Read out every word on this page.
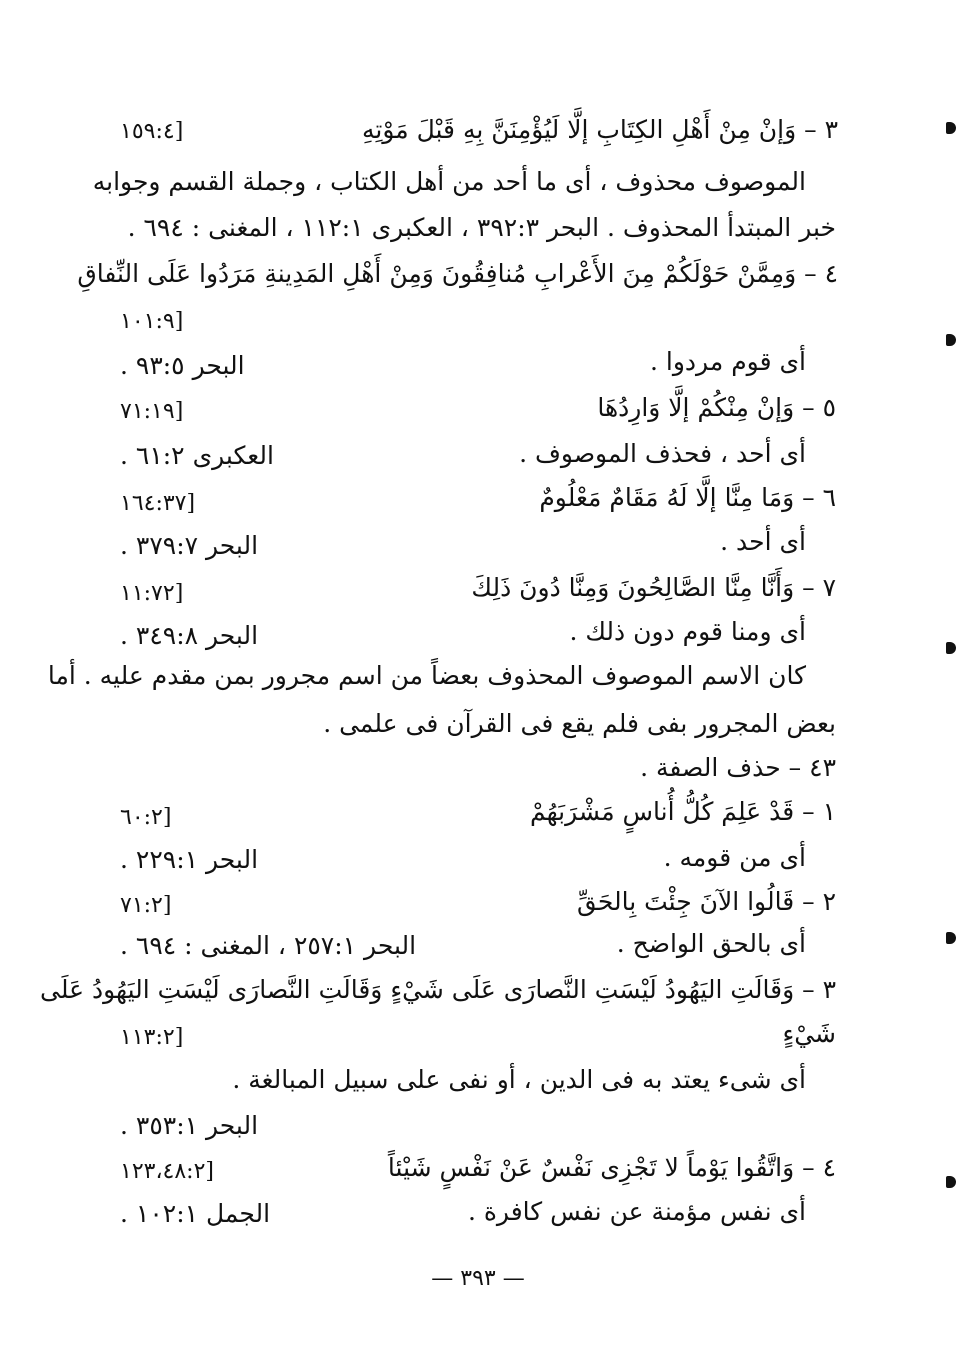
٣ – وَإنْ مِنْ أَهْلِ الكِتَابِ إلَّا لَيُؤْمِنَنَّ بِهِ قَبْلَ مَوْتِهِ
[١٥٩:٤
الموصوف محذوف ، أى ما أحد من أهل الكتاب ، وجملة القسم وجوابه
خبر المبتدأ المحذوف . البحر ٣٩٢:٣ ، العكبرى ١١٢:١ ، المغنى : ٦٩٤ .
٤ – وَمِمَّنْ حَوْلَكُمْ مِنَ الأَعْرابِ مُنافِقُونَ وَمِنْ أَهْلِ المَدِينةِ مَرَدُوا عَلَى النِّفاقِ
[١٠١:٩
أى قوم مردوا .
البحر ٩٣:٥ .
٥ – وَإنْ مِنْكُمْ إلَّا وَارِدُهَا
[٧١:١٩
أى أحد ، فحذف الموصوف .
العكبرى ٦١:٢ .
٦ – وَمَا مِنَّا إلَّا لَهُ مَقَامٌ مَعْلُومٌ
[١٦٤:٣٧
أى أحد .
البحر ٣٧٩:٧ .
٧ – وَأَنَّا مِنَّا الصَّالِحُونَ وَمِنَّا دُونَ ذَلِكَ
[١١:٧٢
أى ومنا قوم دون ذلك .
البحر ٣٤٩:٨ .
كان الاسم الموصوف المحذوف بعضاً من اسم مجرور بمن مقدم عليه . أما
بعض المجرور بفى فلم يقع فى القرآن فى علمى .
٤٣ – حذف الصفة .
١ – قَدْ عَلِمَ كُلُّ أُناسٍ مَشْرَبَهُمْ
[٦٠:٢
أى من قومه .
البحر ٢٢٩:١ .
٢ – قَالُوا الآنَ جِئْتَ بِالحَقِّ
[٧١:٢
أى بالحق الواضح .
البحر ٢٥٧:١ ، المغنى : ٦٩٤ .
٣ – وَقَالَتِ اليَهُودُ لَيْسَتِ النَّصارَى عَلَى شَيْءٍ وَقَالَتِ النَّصارَى لَيْسَتِ اليَهُودُ عَلَى
شَيْءٍ
[١١٣:٢
أى شىء يعتد به فى الدين ، أو نفى على سبيل المبالغة .
البحر ٣٥٣:١ .
٤ – وَاتَّقُوا يَوْماً لا تَجْزِى نَفْسٌ عَنْ نَفْسٍ شَيْئاً
[١٢٣،٤٨:٢
أى نفس مؤمنة عن نفس كافرة .
الجمل ١٠٢:١ .
— ٣٩٣ —
